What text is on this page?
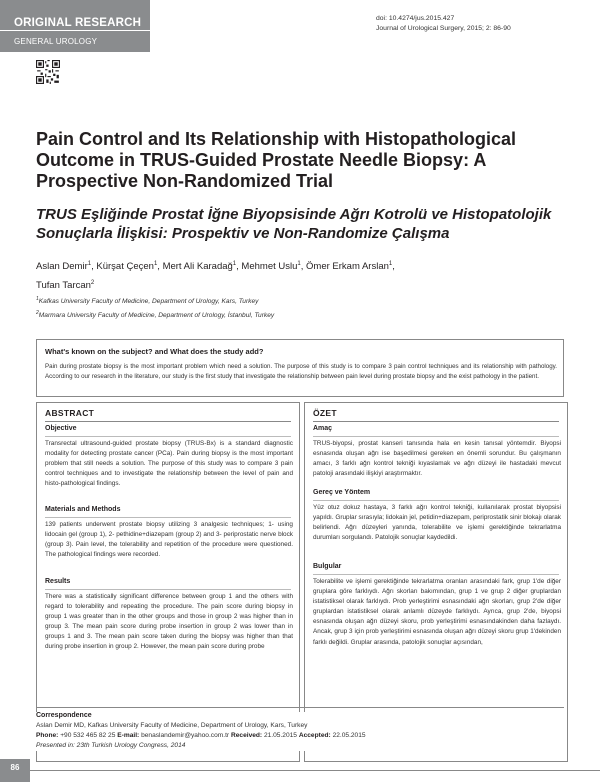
ORIGINAL RESEARCH
GENERAL UROLOGY
doi: 10.4274/jus.2015.427
Journal of Urological Surgery, 2015; 2: 86-90
Pain Control and Its Relationship with Histopathological Outcome in TRUS-Guided Prostate Needle Biopsy: A Prospective Non-Randomized Trial
TRUS Eşliğinde Prostat İğne Biyopsisinde Ağrı Kotrolü ve Histopatolojik Sonuçlarla İlişkisi: Prospektiv ve Non-Randomize Çalışma
Aslan Demir$^1$, Kürşat Çeçen$^1$, Mert Ali Karadağ$^1$, Mehmet Uslu$^1$, Ömer Erkam Arslan$^1$,
Tufan Tarcan$^2$
$^1$Kafkas University Faculty of Medicine, Department of Urology, Kars, Turkey
$^2$Marmara University Faculty of Medicine, Department of Urology, İstanbul, Turkey
What's known on the subject? and What does the study add?
Pain during prostate biopsy is the most important problem which need a solution. The purpose of this study is to compare 3 pain control techniques and its relationship with pathology. According to our research in the literature, our study is the first study that investigate the relationship between pain level during prostate biopsy and the exist pathology in the patient.
ABSTRACT
Objective
Transrectal ultrasound-guided prostate biopsy (TRUS-Bx) is a standard diagnostic modality for detecting prostate cancer (PCa). Pain during biopsy is the most important problem that still needs a solution. The purpose of this study was to compare 3 pain control techniques and to investigate the relationship between the level of pain and histo-pathological findings.
Materials and Methods
139 patients underwent prostate biopsy utilizing 3 analgesic techniques; 1- using lidocain gel (group 1), 2- pethidine+diazepam (group 2) and 3- periprostatic nerve block (group 3). Pain level, the tolerability and repetition of the procedure were questioned. The pathological findings were recorded.
Results
There was a statistically significant difference between group 1 and the others with regard to tolerability and repeating the procedure. The pain score during biopsy in group 1 was greater than in the other groups and those in group 2 was higher than in group 3. The mean pain score during probe insertion in group 2 was lower than in groups 1 and 3. The mean pain score taken during the biopsy was higher than that during probe insertion in group 2. However, the mean pain score during probe
ÖZET
Amaç
TRUS-biyopsi, prostat kanseri tanısında hala en kesin tanısal yöntemdir. Biyopsi esnasında oluşan ağrı ise başedilmesi gereken en önemli sorundur. Bu çalışmanın amacı, 3 farklı ağrı kontrol tekniği kıyaslamak ve ağrı düzeyi ile hastadaki mevcut patoloji arasındaki ilişkiyi araştırmaktır.
Gereç ve Yöntem
Yüz otuz dokuz hastaya, 3 farklı ağrı kontrol tekniği, kullanılarak prostat biyopsisi yapıldı. Gruplar sırasıyla; lidokain jel, petidin+diazepam, periprostatik sinir blokajı olarak belirlendi. Ağrı düzeyleri yanında, tolerabilite ve işlemi gerektiğinde tekrarlatma durumları sorgulandı. Patolojik sonuçlar kaydedildi.
Bulgular
Tolerabilite ve işlemi gerektiğinde tekrarlatma oranları arasındaki fark, grup 1'de diğer gruplara göre farklıydı. Ağrı skorları bakımından, grup 1 ve grup 2 diğer gruplardan istatistiksel olarak farklıydı. Prob yerleştirimi esnasındaki ağrı skorları, grup 2'de diğer gruplardan istatistiksel olarak anlamlı düzeyde farklıydı. Ayrıca, grup 2'de, biyopsi esnasında oluşan ağrı düzeyi skoru, prob yerleştirimi esnasındakinden daha fazlaydı. Ancak, grup 3 için prob yerleştirimi esnasında oluşan ağrı düzeyi skoru grup 1'dekinden farklı değildi. Gruplar arasında, patolojik sonuçlar açısından,
Correspondence
Aslan Demir MD, Kafkas University Faculty of Medicine, Department of Urology, Kars, Turkey
Phone: +90 532 465 82 25 E-mail: benaslandemir@yahoo.com.tr Received: 21.05.2015 Accepted: 22.05.2015
Presented in: 23th Turkish Urology Congress, 2014
86
